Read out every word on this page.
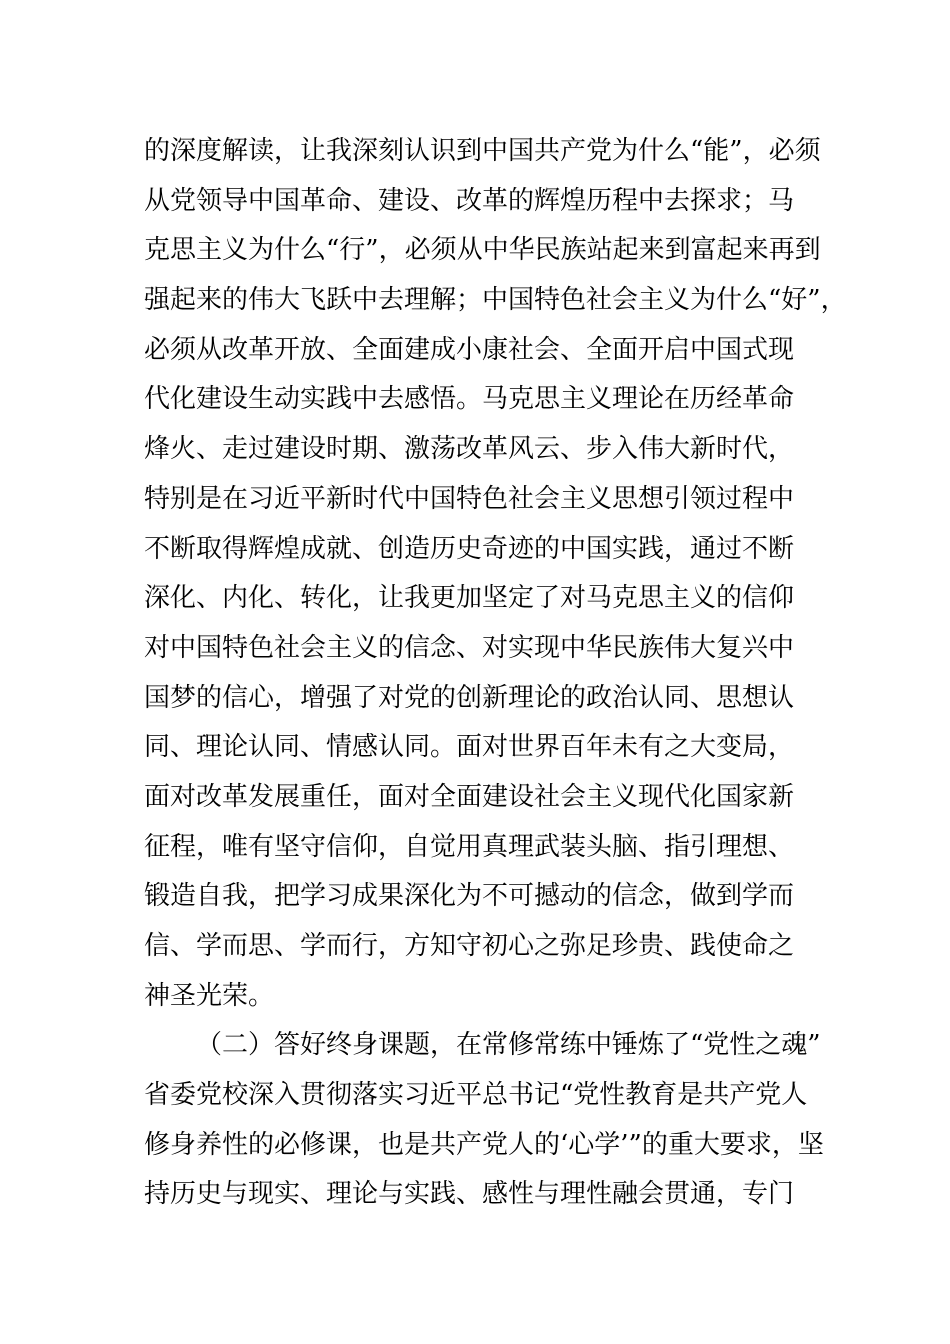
的深度解读，让我深刻认识到中国共产党为什么“能”，必须
从党领导中国革命、建设、改革的辉煌历程中去探求；马
克思主义为什么“行”，必须从中华民族站起来到富起来再到
强起来的伟大飞跃中去理解；中国特色社会主义为什么“好”，
必须从改革开放、全面建成小康社会、全面开启中国式现
代化建设生动实践中去感悟。马克思主义理论在历经革命
烽火、走过建设时期、激荡改革风云、步入伟大新时代，
特别是在习近平新时代中国特色社会主义思想引领过程中
不断取得辉煌成就、创造历史奇迹的中国实践，通过不断
深化、内化、转化，让我更加坚定了对马克思主义的信仰
对中国特色社会主义的信念、对实现中华民族伟大复兴中
国梦的信心，增强了对党的创新理论的政治认同、思想认
同、理论认同、情感认同。面对世界百年未有之大变局，
面对改革发展重任，面对全面建设社会主义现代化国家新
征程，唯有坚守信仰，自觉用真理武装头脑、指引理想、
锻造自我，把学习成果深化为不可撼动的信念，做到学而
信、学而思、学而行，方知守初心之弥足珍贵、践使命之
神圣光荣。
（二）答好终身课题，在常修常练中锤炼了“党性之魂”
省委党校深入贯彻落实习近平总书记“党性教育是共产党人
修身养性的必修课，也是共产党人的‘心学’”的重大要求，坚
持历史与现实、理论与实践、感性与理性融会贯通，专门
